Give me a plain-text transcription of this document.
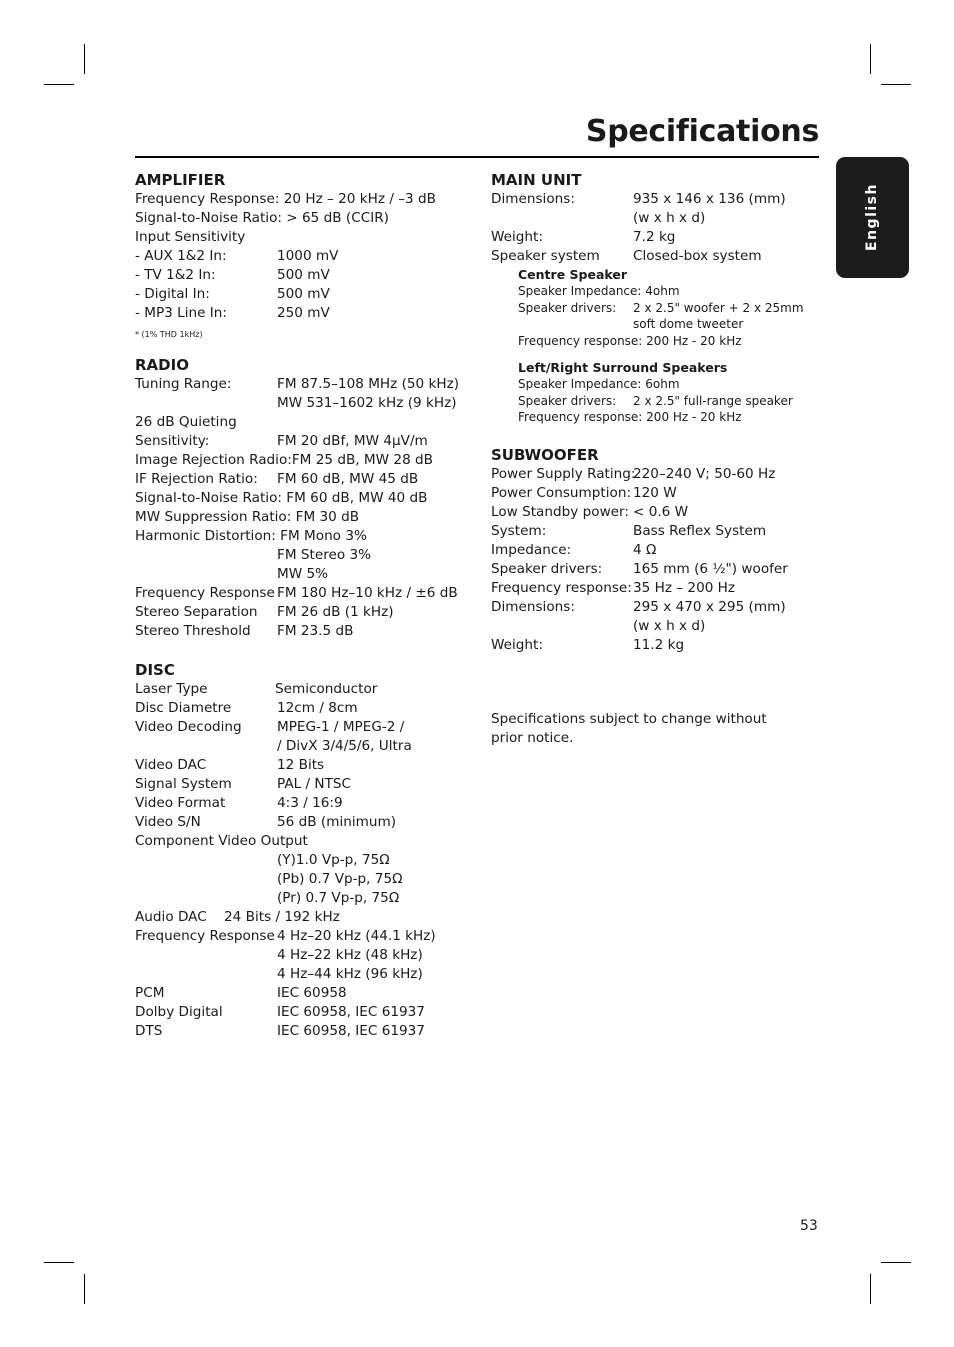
Specifications
English
AMPLIFIER
Frequency Response: 20 Hz – 20 kHz / –3 dB
Signal-to-Noise Ratio: > 65 dB (CCIR)
Input Sensitivity
- AUX 1&2 In:	1000 mV
- TV 1&2 In:	500 mV
- Digital In:	500 mV
- MP3 Line In:	250 mV
* (1% THD 1kHz)
RADIO
Tuning Range:	FM 87.5–108 MHz (50 kHz)
MW 531–1602 kHz (9 kHz)
26 dB Quieting
Sensitivity:	FM 20 dBf, MW 4µV/m
Image Rejection Radio:FM 25 dB, MW 28 dB
IF Rejection Ratio:	FM 60 dB, MW 45 dB
Signal-to-Noise Ratio: FM 60 dB, MW 40 dB
MW Suppression Ratio: FM 30 dB
Harmonic Distortion: FM Mono 3%
FM Stereo 3%
MW 5%
Frequency Response FM 180 Hz–10 kHz / ±6 dB
Stereo Separation	FM 26 dB (1 kHz)
Stereo Threshold	FM 23.5 dB
DISC
Laser Type	Semiconductor
Disc Diametre	12cm / 8cm
Video Decoding	MPEG-1 / MPEG-2 /
/ DivX 3/4/5/6, Ultra
Video DAC	12 Bits
Signal System	PAL / NTSC
Video Format	4:3 / 16:9
Video S/N	56 dB (minimum)
Component Video Output
(Y)1.0 Vp-p, 75Ω
(Pb) 0.7 Vp-p, 75Ω
(Pr) 0.7 Vp-p, 75Ω
Audio DAC    24 Bits / 192 kHz
Frequency Response 4 Hz–20 kHz (44.1 kHz)
4 Hz–22 kHz (48 kHz)
4 Hz–44 kHz (96 kHz)
PCM	IEC 60958
Dolby Digital	IEC 60958, IEC 61937
DTS	IEC 60958, IEC 61937
MAIN UNIT
Dimensions:	935 x 146 x 136 (mm)
(w x h x d)
Weight:	7.2 kg
Speaker system	Closed-box system
Centre Speaker
Speaker Impedance: 4ohm
Speaker drivers:	2 x 2.5" woofer + 2 x 25mm
soft dome tweeter
Frequency response: 200 Hz - 20 kHz
Left/Right Surround Speakers
Speaker Impedance: 6ohm
Speaker drivers:	2 x 2.5" full-range speaker
Frequency response: 200 Hz - 20 kHz
SUBWOOFER
Power Supply Rating:
220–240 V; 50-60 Hz
Power Consumption: 120 W
Low Standby power: < 0.6 W
System:	Bass Reflex System
Impedance:	4 Ω
Speaker drivers:	165 mm (6 ½") woofer
Frequency response: 35 Hz – 200 Hz
Dimensions:	295 x 470 x 295 (mm)
(w x h x d)
Weight:	11.2 kg
Specifications subject to change without prior notice.
53
